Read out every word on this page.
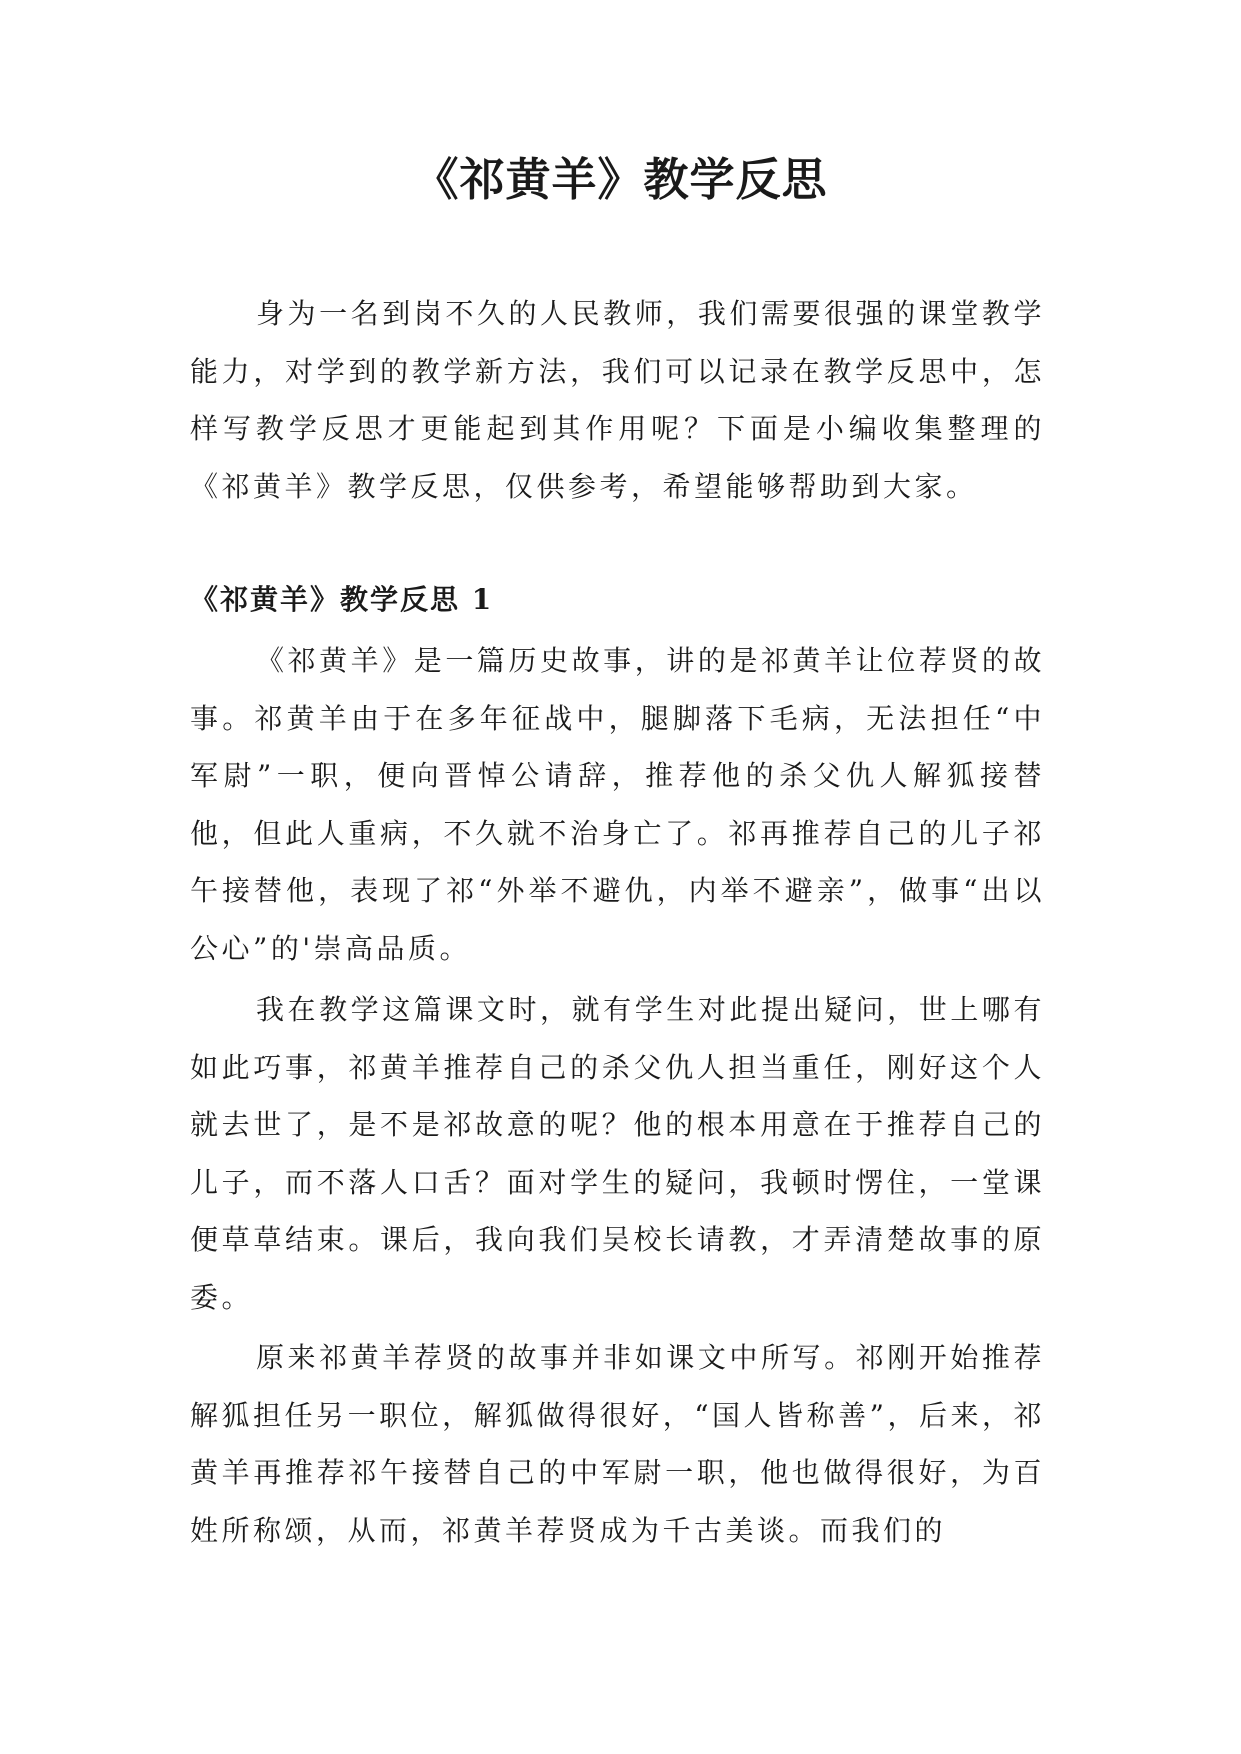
《祁黄羊》教学反思

身为一名到岗不久的人民教师，我们需要很强的课堂教学能力，对学到的教学新方法，我们可以记录在教学反思中，怎样写教学反思才更能起到其作用呢？下面是小编收集整理的《祁黄羊》教学反思，仅供参考，希望能够帮助到大家。

《祁黄羊》教学反思 1

《祁黄羊》是一篇历史故事，讲的是祁黄羊让位荐贤的故事。祁黄羊由于在多年征战中，腿脚落下毛病，无法担任“中军尉”一职，便向晋悼公请辞，推荐他的杀父仇人解狐接替他，但此人重病，不久就不治身亡了。祁再推荐自己的儿子祁午接替他，表现了祁“外举不避仇，内举不避亲”，做事“出以公心”的'崇高品质。

我在教学这篇课文时，就有学生对此提出疑问，世上哪有如此巧事，祁黄羊推荐自己的杀父仇人担当重任，刚好这个人就去世了，是不是祁故意的呢？他的根本用意在于推荐自己的儿子，而不落人口舌？面对学生的疑问，我顿时愣住，一堂课便草草结束。课后，我向我们吴校长请教，才弄清楚故事的原委。

原来祁黄羊荐贤的故事并非如课文中所写。祁刚开始推荐解狐担任另一职位，解狐做得很好，“国人皆称善”，后来，祁黄羊再推荐祁午接替自己的中军尉一职，他也做得很好，为百姓所称颂，从而，祁黄羊荐贤成为千古美谈。而我们的
